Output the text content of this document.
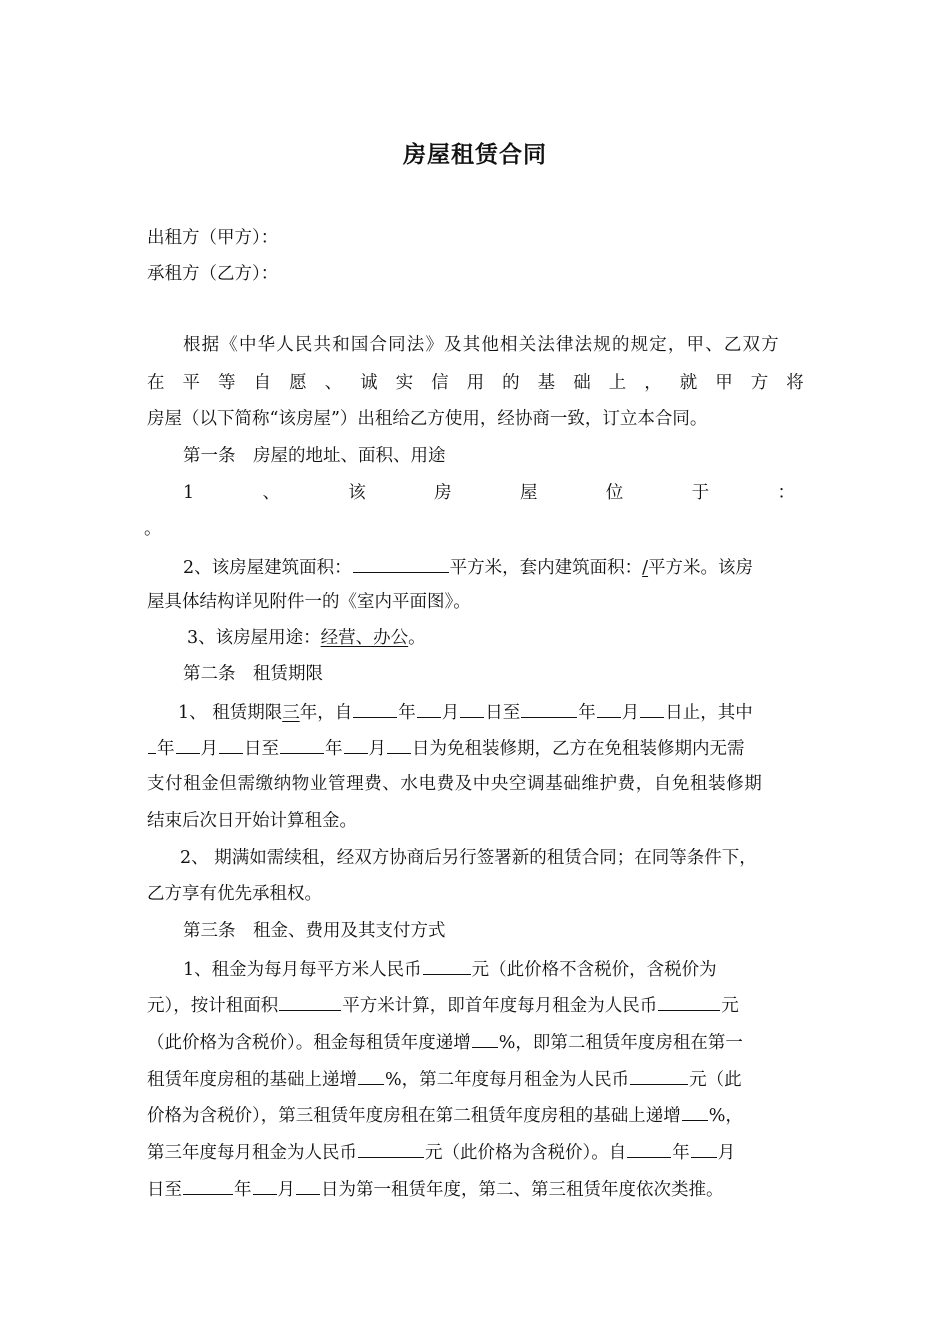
房屋租赁合同
出租方（甲方）：
承租方（乙方）：
根据《中华人民共和国合同法》及其他相关法律法规的规定，甲、乙双方
在 平 等 自 愿 、 诚 实 信 用 的 基 础 上 ， 就 甲 方 将
房屋（以下简称“该房屋”）出租给乙方使用，经协商一致，订立本合同。
第一条　房屋的地址、面积、用途
1	、	该	房	屋	位	于	：
。
2、该房屋建筑面积：	平方米，套内建筑面积：/平方米。该房
屋具体结构详见附件一的《室内平面图》。
3、该房屋用途：经营、办公。
第二条　租赁期限
1、 租赁期限三年，自	年 月 日至	年 月 日止，其中
年 月 日至	年 月 日为免租装修期，乙方在免租装修期内无需
支付租金但需缴纳物业管理费、水电费及中央空调基础维护费，自免租装修期
结束后次日开始计算租金。
2、 期满如需续租，经双方协商后另行签署新的租赁合同；在同等条件下，
乙方享有优先承租权。
第三条　租金、费用及其支付方式
1、租金为每月每平方米人民币	元（此价格不含税价，含税价为
元），按计租面积	平方米计算，即首年度每月租金为人民币	元
（此价格为含税价）。租金每租赁年度递增 %，即第二租赁年度房租在第一
租赁年度房租的基础上递增 %，第二年度每月租金为人民币	元（此
价格为含税价），第三租赁年度房租在第二租赁年度房租的基础上递增 %，
第三年度每月租金为人民币	元（此价格为含税价）。自	年 月
日至	年 月 日为第一租赁年度，第二、第三租赁年度依次类推。
